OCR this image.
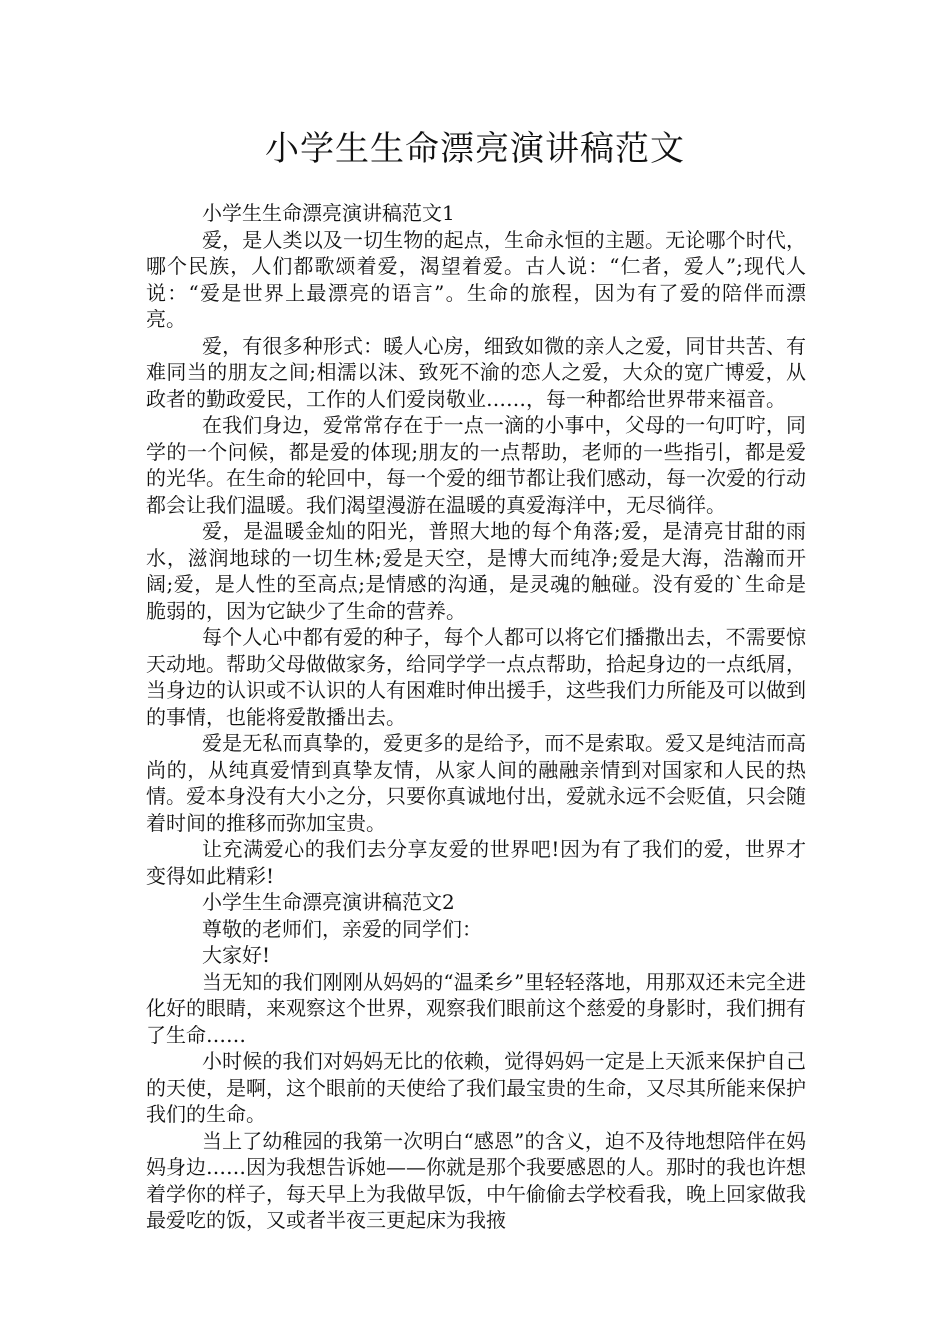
小学生生命漂亮演讲稿范文

小学生生命漂亮演讲稿范文1

爱，是人类以及一切生物的起点，生命永恒的主题。无论哪个时代，哪个民族，人们都歌颂着爱，渴望着爱。古人说：“仁者，爱人”;现代人说：“爱是世界上最漂亮的语言”。生命的旅程，因为有了爱的陪伴而漂亮。

爱，有很多种形式：暖人心房，细致如微的亲人之爱，同甘共苦、有难同当的朋友之间;相濡以沫、致死不渝的恋人之爱，大众的宽广博爱，从政者的勤政爱民，工作的人们爱岗敬业……，每一种都给世界带来福音。

在我们身边，爱常常存在于一点一滴的小事中，父母的一句叮咛，同学的一个问候，都是爱的体现;朋友的一点帮助，老师的一些指引，都是爱的光华。在生命的轮回中，每一个爱的细节都让我们感动，每一次爱的行动都会让我们温暖。我们渴望漫游在温暖的真爱海洋中，无尽徜徉。

爱，是温暖金灿的阳光，普照大地的每个角落;爱，是清亮甘甜的雨水，滋润地球的一切生林;爱是天空，是博大而纯净;爱是大海，浩瀚而开阔;爱，是人性的至高点;是情感的沟通，是灵魂的触碰。没有爱的`生命是脆弱的，因为它缺少了生命的营养。

每个人心中都有爱的种子，每个人都可以将它们播撒出去，不需要惊天动地。帮助父母做做家务，给同学学一点点帮助，拾起身边的一点纸屑，当身边的认识或不认识的人有困难时伸出援手，这些我们力所能及可以做到的事情，也能将爱散播出去。

爱是无私而真挚的，爱更多的是给予，而不是索取。爱又是纯洁而高尚的，从纯真爱情到真挚友情，从家人间的融融亲情到对国家和人民的热情。爱本身没有大小之分，只要你真诚地付出，爱就永远不会贬值，只会随着时间的推移而弥加宝贵。

让充满爱心的我们去分享友爱的世界吧!因为有了我们的爱，世界才变得如此精彩!

小学生生命漂亮演讲稿范文2

尊敬的老师们，亲爱的同学们：

大家好!

当无知的我们刚刚从妈妈的“温柔乡”里轻轻落地，用那双还未完全进化好的眼睛，来观察这个世界，观察我们眼前这个慈爱的身影时，我们拥有了生命……

小时候的我们对妈妈无比的依赖，觉得妈妈一定是上天派来保护自己的天使，是啊，这个眼前的天使给了我们最宝贵的生命，又尽其所能来保护我们的生命。

当上了幼稚园的我第一次明白“感恩”的含义，迫不及待地想陪伴在妈妈身边……因为我想告诉她——你就是那个我要感恩的人。那时的我也许想着学你的样子，每天早上为我做早饭，中午偷偷去学校看我，晚上回家做我最爱吃的饭，又或者半夜三更起床为我掖
